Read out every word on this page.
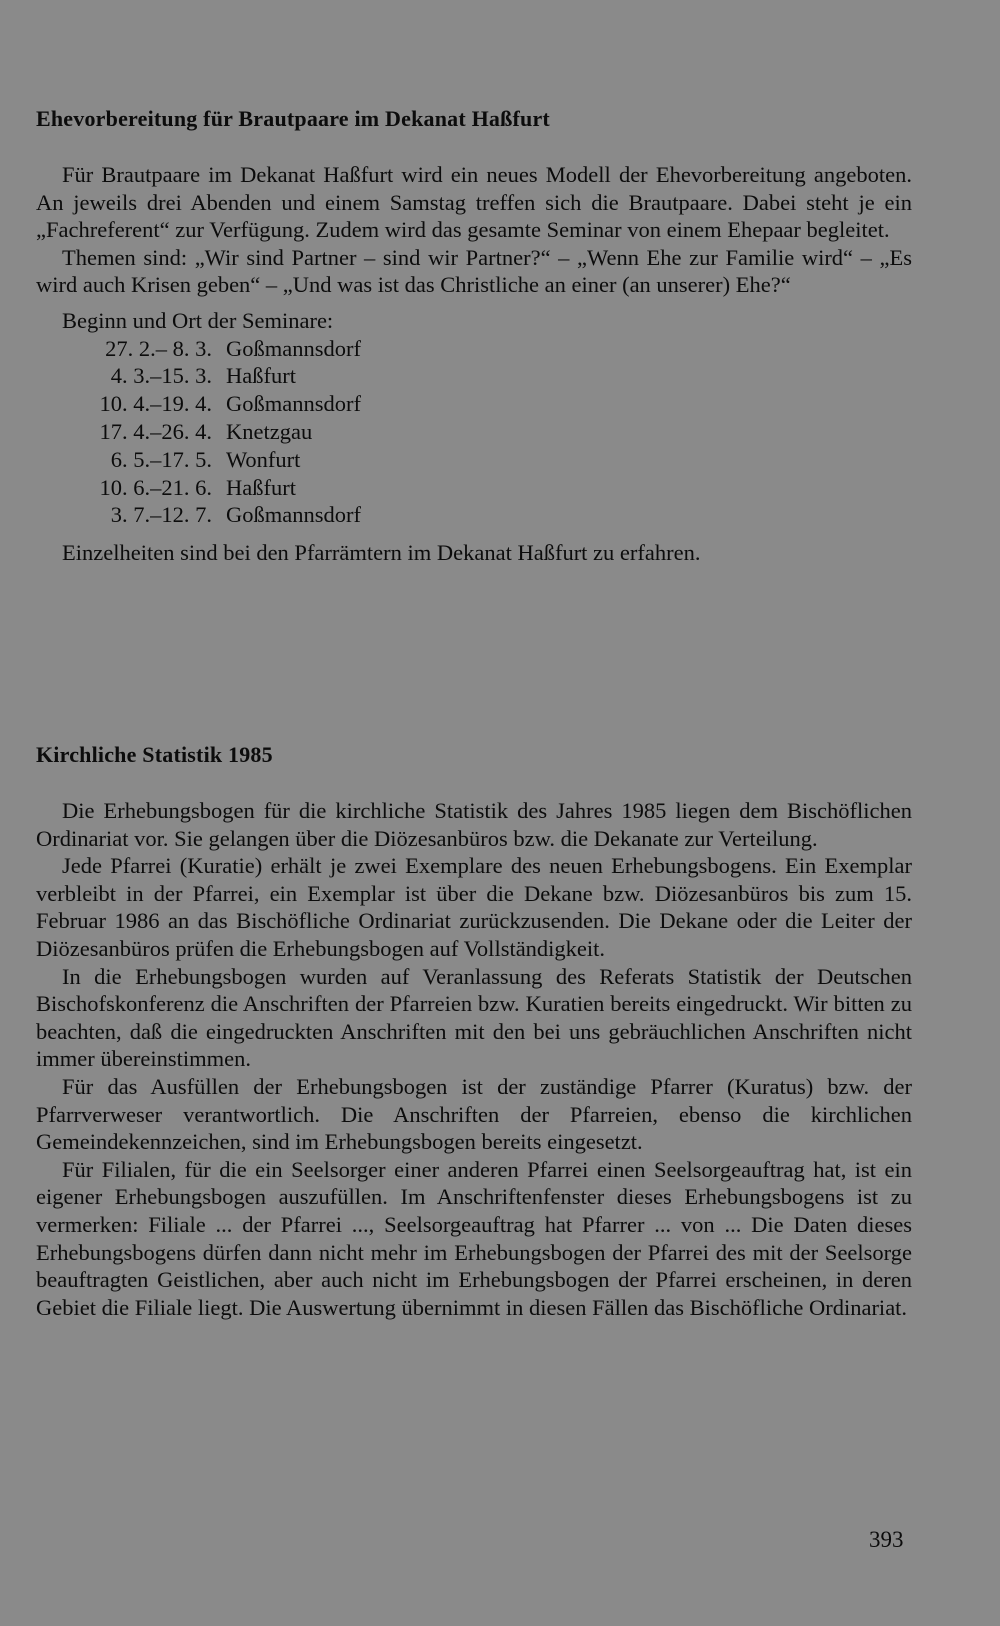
Ehevorbereitung für Brautpaare im Dekanat Haßfurt

Für Brautpaare im Dekanat Haßfurt wird ein neues Modell der Ehevorbereitung angeboten. An jeweils drei Abenden und einem Samstag treffen sich die Brautpaare. Dabei steht je ein „Fachreferent“ zur Verfügung. Zudem wird das gesamte Seminar von einem Ehepaar begleitet.

Themen sind: „Wir sind Partner – sind wir Partner?“ – „Wenn Ehe zur Familie wird“ – „Es wird auch Krisen geben“ – „Und was ist das Christliche an einer (an unserer) Ehe?“

Beginn und Ort der Seminare:

27. 2.– 8. 3.	Goßmannsdorf
4. 3.–15. 3.	Haßfurt
10. 4.–19. 4.	Goßmannsdorf
17. 4.–26. 4.	Knetzgau
6. 5.–17. 5.	Wonfurt
10. 6.–21. 6.	Haßfurt
3. 7.–12. 7.	Goßmannsdorf

Einzelheiten sind bei den Pfarrämtern im Dekanat Haßfurt zu erfahren.

Kirchliche Statistik 1985

Die Erhebungsbogen für die kirchliche Statistik des Jahres 1985 liegen dem Bischöflichen Ordinariat vor. Sie gelangen über die Diözesanbüros bzw. die Dekanate zur Verteilung.

Jede Pfarrei (Kuratie) erhält je zwei Exemplare des neuen Erhebungsbogens. Ein Exemplar verbleibt in der Pfarrei, ein Exemplar ist über die Dekane bzw. Diözesanbüros bis zum 15. Februar 1986 an das Bischöfliche Ordinariat zurückzusenden. Die Dekane oder die Leiter der Diözesanbüros prüfen die Erhebungsbogen auf Vollständigkeit.

In die Erhebungsbogen wurden auf Veranlassung des Referats Statistik der Deutschen Bischofskonferenz die Anschriften der Pfarreien bzw. Kuratien bereits eingedruckt. Wir bitten zu beachten, daß die eingedruckten Anschriften mit den bei uns gebräuchlichen Anschriften nicht immer übereinstimmen.

Für das Ausfüllen der Erhebungsbogen ist der zuständige Pfarrer (Kuratus) bzw. der Pfarrverweser verantwortlich. Die Anschriften der Pfarreien, ebenso die kirchlichen Gemeindekennzeichen, sind im Erhebungsbogen bereits eingesetzt.

Für Filialen, für die ein Seelsorger einer anderen Pfarrei einen Seelsorgeauftrag hat, ist ein eigener Erhebungsbogen auszufüllen. Im Anschriftenfenster dieses Erhebungsbogens ist zu vermerken: Filiale ... der Pfarrei ..., Seelsorgeauftrag hat Pfarrer ... von ... Die Daten dieses Erhebungsbogens dürfen dann nicht mehr im Erhebungsbogen der Pfarrei des mit der Seelsorge beauftragten Geistlichen, aber auch nicht im Erhebungsbogen der Pfarrei erscheinen, in deren Gebiet die Filiale liegt. Die Auswertung übernimmt in diesen Fällen das Bischöfliche Ordinariat.

393
